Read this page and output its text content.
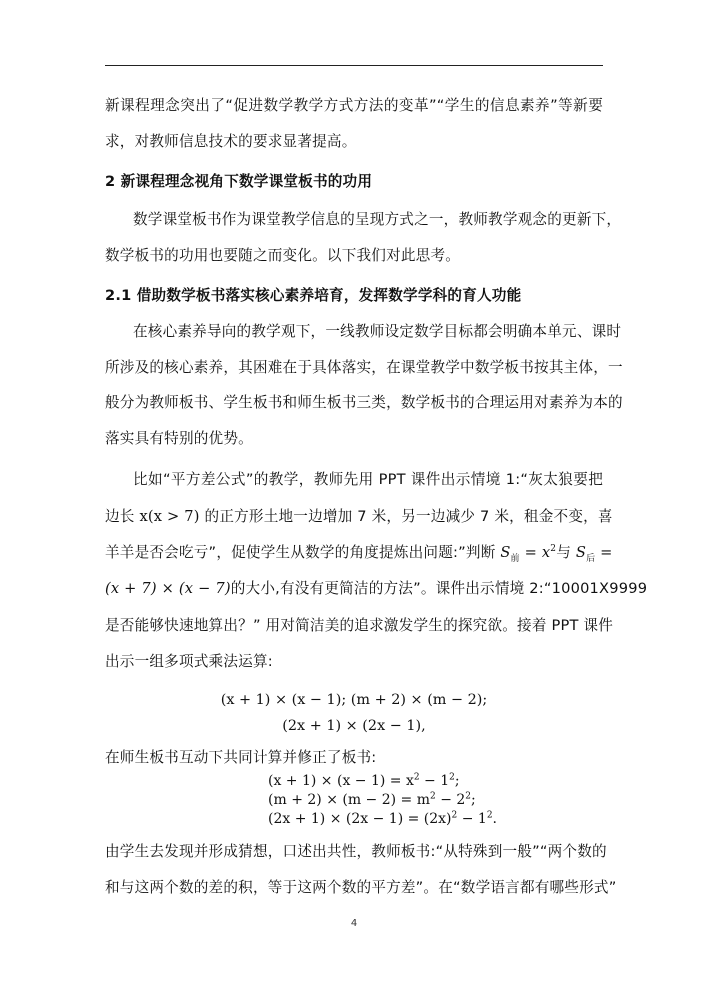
新课程理念突出了“促进数学教学方式方法的变革”“学生的信息素养”等新要
求，对教师信息技术的要求显著提高。
2 新课程理念视角下数学课堂板书的功用
数学课堂板书作为课堂教学信息的呈现方式之一，教师教学观念的更新下，
数学板书的功用也要随之而变化。以下我们对此思考。
2.1 借助数学板书落实核心素养培育，发挥数学学科的育人功能
在核心素养导向的教学观下，一线教师设定数学目标都会明确本单元、课时
所涉及的核心素养，其困难在于具体落实，在课堂教学中数学板书按其主体，一
般分为教师板书、学生板书和师生板书三类，数学板书的合理运用对素养为本的
落实具有特别的优势。
比如“平方差公式”的教学，教师先用 PPT 课件出示情境 1:“灰太狼要把
边长 x(x > 7) 的正方形土地一边增加 7 米，另一边减少 7 米，租金不变，喜
羊羊是否会吃亏”，促使学生从数学的角度提炼出问题:”判断 $S_前 = x^2$与 $S_后$ =
(x + 7) × (x − 7)的大小,有没有更简洁的方法”。课件出示情境 2:“10001X9999
是否能够快速地算出？” 用对简洁美的追求激发学生的探究欲。接着 PPT 课件
出示一组多项式乘法运算:
(x + 1) × (x − 1); (m + 2) × (m − 2);
(2x + 1) × (2x − 1),
在师生板书互动下共同计算并修正了板书:
$(x + 1) \times (x - 1) = x^2 - 1^2$;
$(m + 2) \times (m - 2) = m^2 - 2^2$;
$(2x + 1) \times (2x - 1) = (2x)^2 - 1^2$.
由学生去发现并形成猜想，口述出共性，教师板书:“从特殊到一般”“两个数的
和与这两个数的差的积，等于这两个数的平方差”。在“数学语言都有哪些形式”
4
